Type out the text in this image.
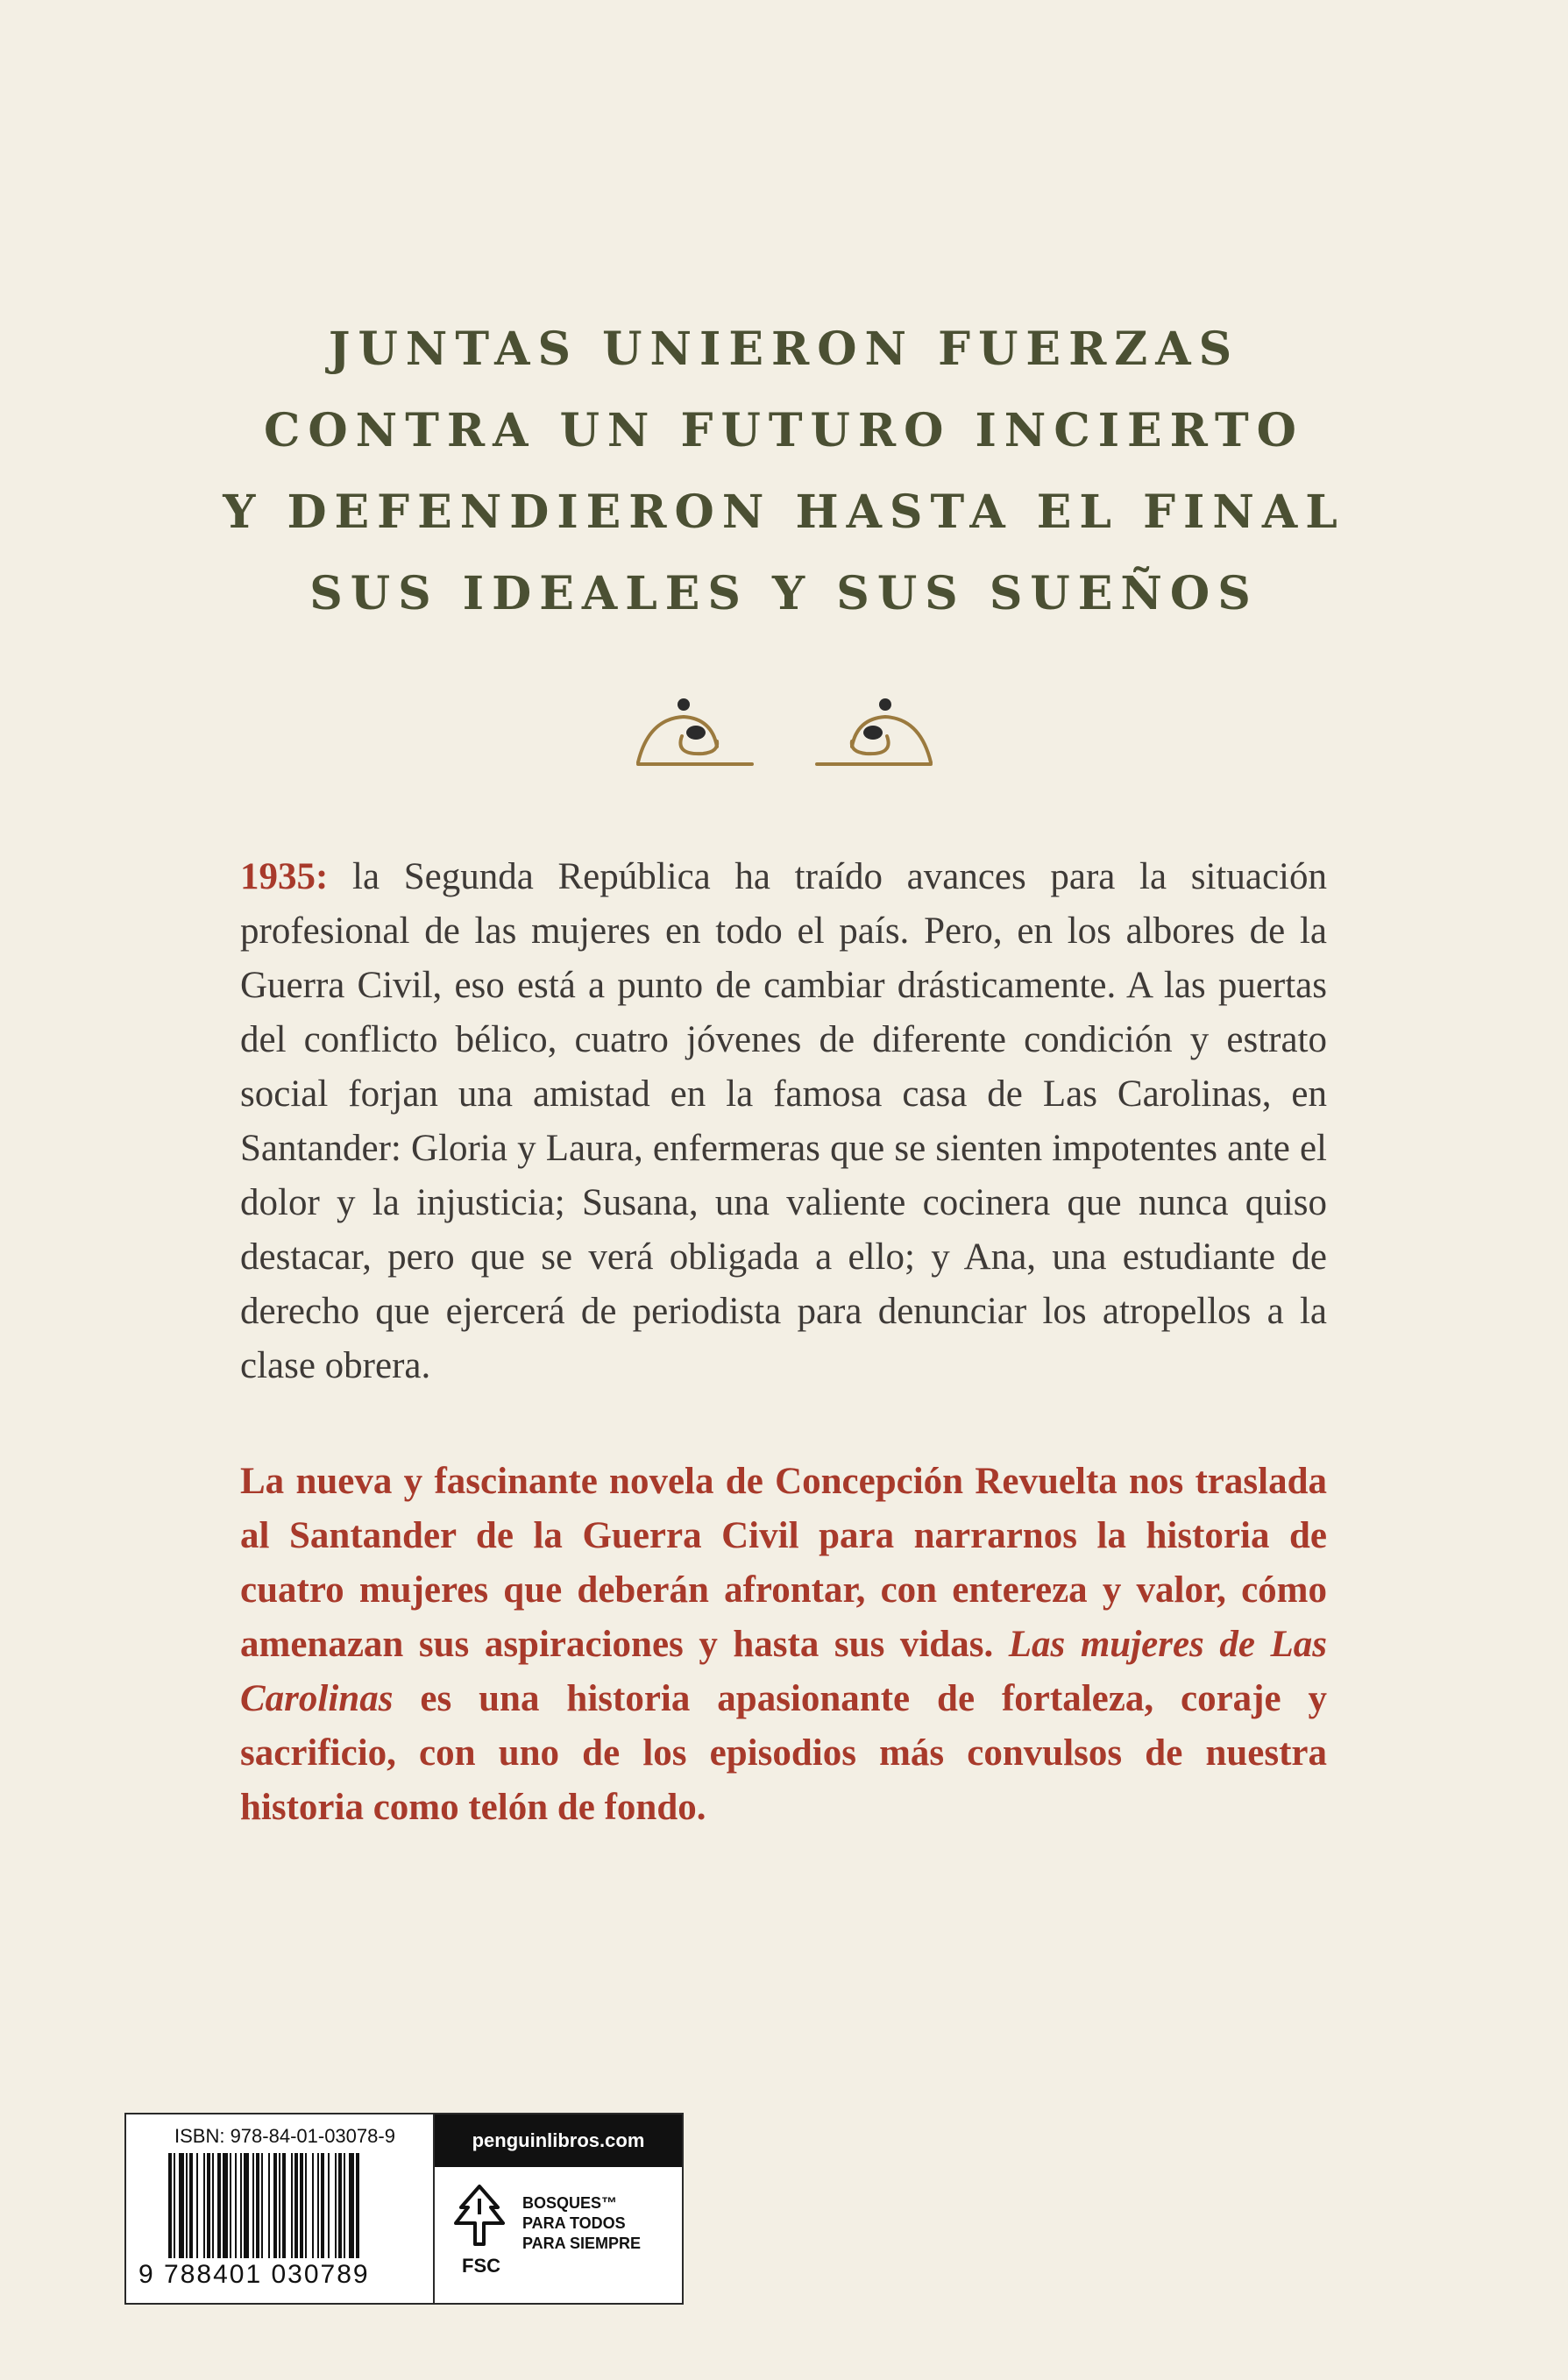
JUNTAS UNIERON FUERZAS
CONTRA UN FUTURO INCIERTO
Y DEFENDIERON HASTA EL FINAL
SUS IDEALES Y SUS SUEÑOS
1935: la Segunda República ha traído avances para la situación profesional de las mujeres en todo el país. Pero, en los albores de la Guerra Civil, eso está a punto de cambiar drásticamente. A las puertas del conflicto bélico, cuatro jóvenes de diferente condición y estrato social forjan una amistad en la famosa casa de Las Carolinas, en Santander: Gloria y Laura, enfermeras que se sienten impotentes ante el dolor y la injusticia; Susana, una valiente cocinera que nunca quiso destacar, pero que se verá obligada a ello; y Ana, una estudiante de derecho que ejercerá de periodista para denunciar los atropellos a la clase obrera.
La nueva y fascinante novela de Concepción Revuelta nos traslada al Santander de la Guerra Civil para narrarnos la historia de cuatro mujeres que deberán afrontar, con entereza y valor, cómo amenazan sus aspiraciones y hasta sus vidas. Las mujeres de Las Carolinas es una historia apasionante de fortaleza, coraje y sacrificio, con uno de los episodios más convulsos de nuestra historia como telón de fondo.
ISBN: 978-84-01-03078-9
9 788401 030789
penguinlibros.com
FSC
BOSQUES™
PARA TODOS
PARA SIEMPRE
